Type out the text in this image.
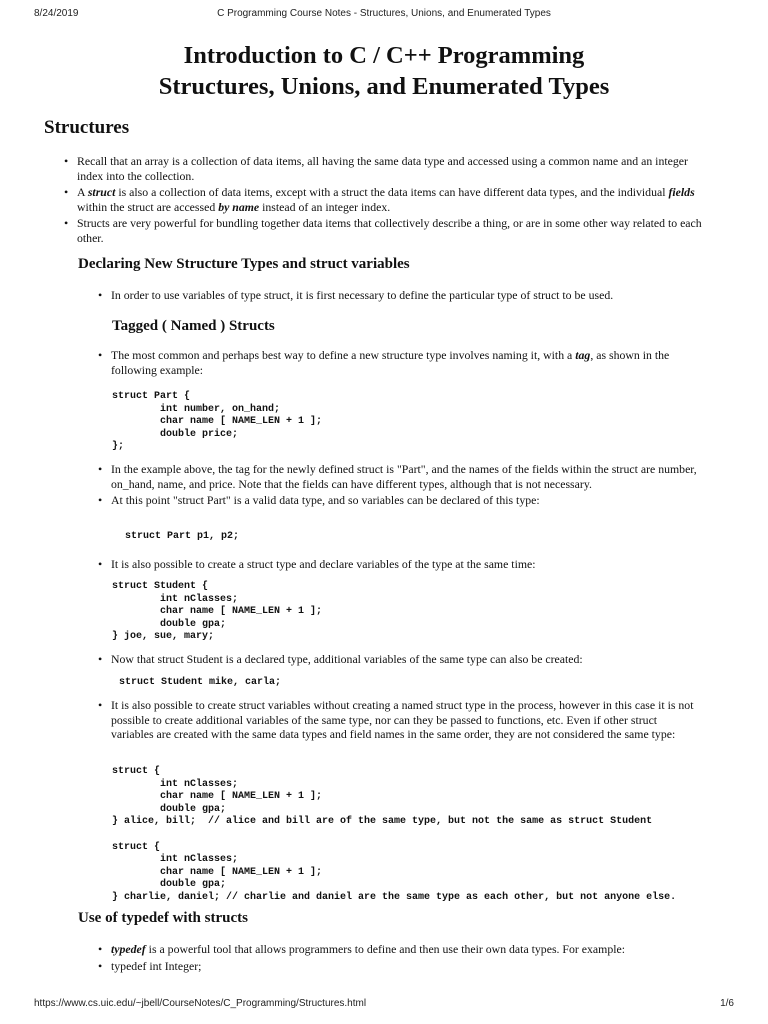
8/24/2019	C Programming Course Notes - Structures, Unions, and Enumerated Types
Introduction to C / C++ Programming
Structures, Unions, and Enumerated Types
Structures
• Recall that an array is a collection of data items, all having the same data type and accessed using a common name and an integer index into the collection.
• A struct is also a collection of data items, except with a struct the data items can have different data types, and the individual fields within the struct are accessed by name instead of an integer index.
• Structs are very powerful for bundling together data items that collectively describe a thing, or are in some other way related to each other.
Declaring New Structure Types and struct variables
• In order to use variables of type struct, it is first necessary to define the particular type of struct to be used.
Tagged ( Named ) Structs
• The most common and perhaps best way to define a new structure type involves naming it, with a tag, as shown in the following example:
struct Part {
int number, on_hand;
char name [ NAME_LEN + 1 ];
double price;
};
• In the example above, the tag for the newly defined struct is "Part", and the names of the fields within the struct are number, on_hand, name, and price. Note that the fields can have different types, although that is not necessary.
• At this point "struct Part" is a valid data type, and so variables can be declared of this type:
struct Part p1, p2;
• It is also possible to create a struct type and declare variables of the type at the same time:
struct Student {
int nClasses;
char name [ NAME_LEN + 1 ];
double gpa;
} joe, sue, mary;
• Now that struct Student is a declared type, additional variables of the same type can also be created:
struct Student mike, carla;
• It is also possible to create struct variables without creating a named struct type in the process, however in this case it is not possible to create additional variables of the same type, nor can they be passed to functions, etc. Even if other struct variables are created with the same data types and field names in the same order, they are not considered the same type:
struct {
int nClasses;
char name [ NAME_LEN + 1 ];
double gpa;
} alice, bill;  // alice and bill are of the same type, but not the same as struct Student

struct {
int nClasses;
char name [ NAME_LEN + 1 ];
double gpa;
} charlie, daniel; // charlie and daniel are the same type as each other, but not anyone else.
Use of typedef with structs
• typedef is a powerful tool that allows programmers to define and then use their own data types. For example:
• typedef int Integer;
https://www.cs.uic.edu/~jbell/CourseNotes/C_Programming/Structures.html	1/6
